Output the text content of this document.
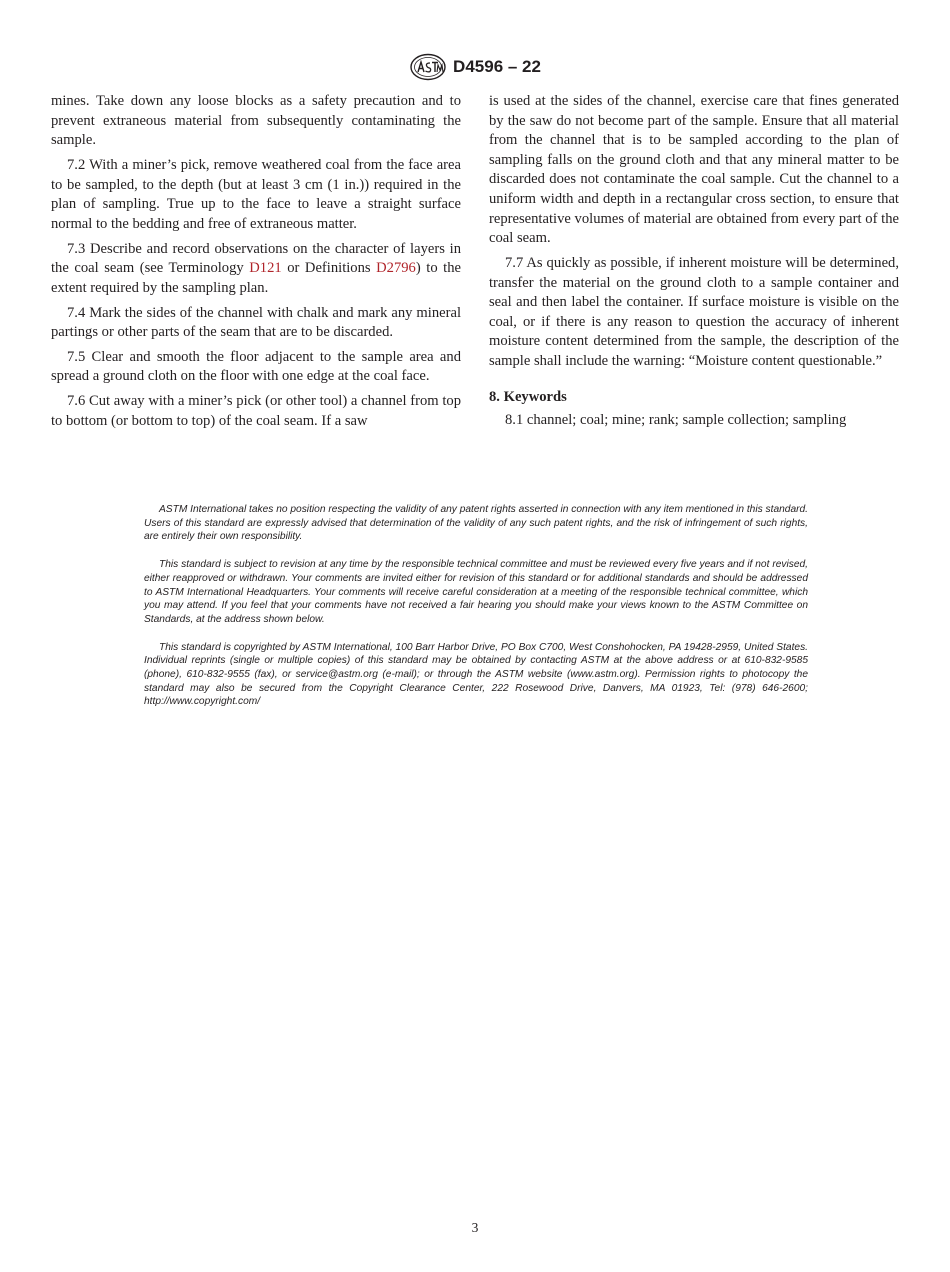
D4596 – 22

mines. Take down any loose blocks as a safety precaution and to prevent extraneous material from subsequently contaminating the sample.

7.2 With a miner’s pick, remove weathered coal from the face area to be sampled, to the depth (but at least 3 cm (1 in.)) required in the plan of sampling. True up to the face to leave a straight surface normal to the bedding and free of extraneous matter.

7.3 Describe and record observations on the character of layers in the coal seam (see Terminology D121 or Definitions D2796) to the extent required by the sampling plan.

7.4 Mark the sides of the channel with chalk and mark any mineral partings or other parts of the seam that are to be discarded.

7.5 Clear and smooth the floor adjacent to the sample area and spread a ground cloth on the floor with one edge at the coal face.

7.6 Cut away with a miner’s pick (or other tool) a channel from top to bottom (or bottom to top) of the coal seam. If a saw

is used at the sides of the channel, exercise care that fines generated by the saw do not become part of the sample. Ensure that all material from the channel that is to be sampled according to the plan of sampling falls on the ground cloth and that any mineral matter to be discarded does not contaminate the coal sample. Cut the channel to a uniform width and depth in a rectangular cross section, to ensure that representative volumes of material are obtained from every part of the coal seam.

7.7 As quickly as possible, if inherent moisture will be determined, transfer the material on the ground cloth to a sample container and seal and then label the container. If surface moisture is visible on the coal, or if there is any reason to question the accuracy of inherent moisture content determined from the sample, the description of the sample shall include the warning: “Moisture content questionable.”

8. Keywords

8.1 channel; coal; mine; rank; sample collection; sampling

ASTM International takes no position respecting the validity of any patent rights asserted in connection with any item mentioned in this standard. Users of this standard are expressly advised that determination of the validity of any such patent rights, and the risk of infringement of such rights, are entirely their own responsibility.

This standard is subject to revision at any time by the responsible technical committee and must be reviewed every five years and if not revised, either reapproved or withdrawn. Your comments are invited either for revision of this standard or for additional standards and should be addressed to ASTM International Headquarters. Your comments will receive careful consideration at a meeting of the responsible technical committee, which you may attend. If you feel that your comments have not received a fair hearing you should make your views known to the ASTM Committee on Standards, at the address shown below.

This standard is copyrighted by ASTM International, 100 Barr Harbor Drive, PO Box C700, West Conshohocken, PA 19428-2959, United States. Individual reprints (single or multiple copies) of this standard may be obtained by contacting ASTM at the above address or at 610-832-9585 (phone), 610-832-9555 (fax), or service@astm.org (e-mail); or through the ASTM website (www.astm.org). Permission rights to photocopy the standard may also be secured from the Copyright Clearance Center, 222 Rosewood Drive, Danvers, MA 01923, Tel: (978) 646-2600; http://www.copyright.com/

3
